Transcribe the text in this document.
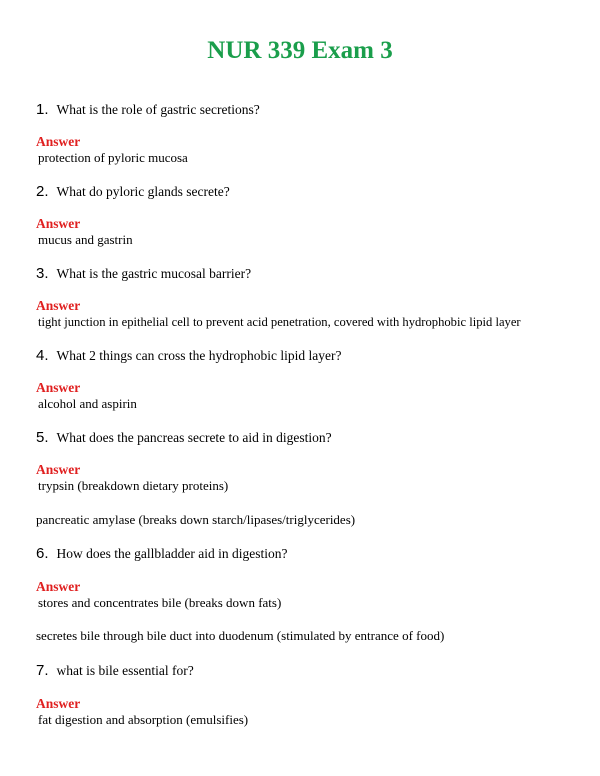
NUR 339 Exam 3
1. What is the role of gastric secretions?
Answer
protection of pyloric mucosa
2. What do pyloric glands secrete?
Answer
mucus and gastrin
3. What is the gastric mucosal barrier?
Answer
tight junction in epithelial cell to prevent acid penetration, covered with hydrophobic lipid layer
4. What 2 things can cross the hydrophobic lipid layer?
Answer
alcohol and aspirin
5. What does the pancreas secrete to aid in digestion?
Answer
trypsin (breakdown dietary proteins)
pancreatic amylase (breaks down starch/lipases/triglycerides)
6. How does the gallbladder aid in digestion?
Answer
stores and concentrates bile (breaks down fats)
secretes bile through bile duct into duodenum (stimulated by entrance of food)
7. what is bile essential for?
Answer
fat digestion and absorption (emulsifies)
